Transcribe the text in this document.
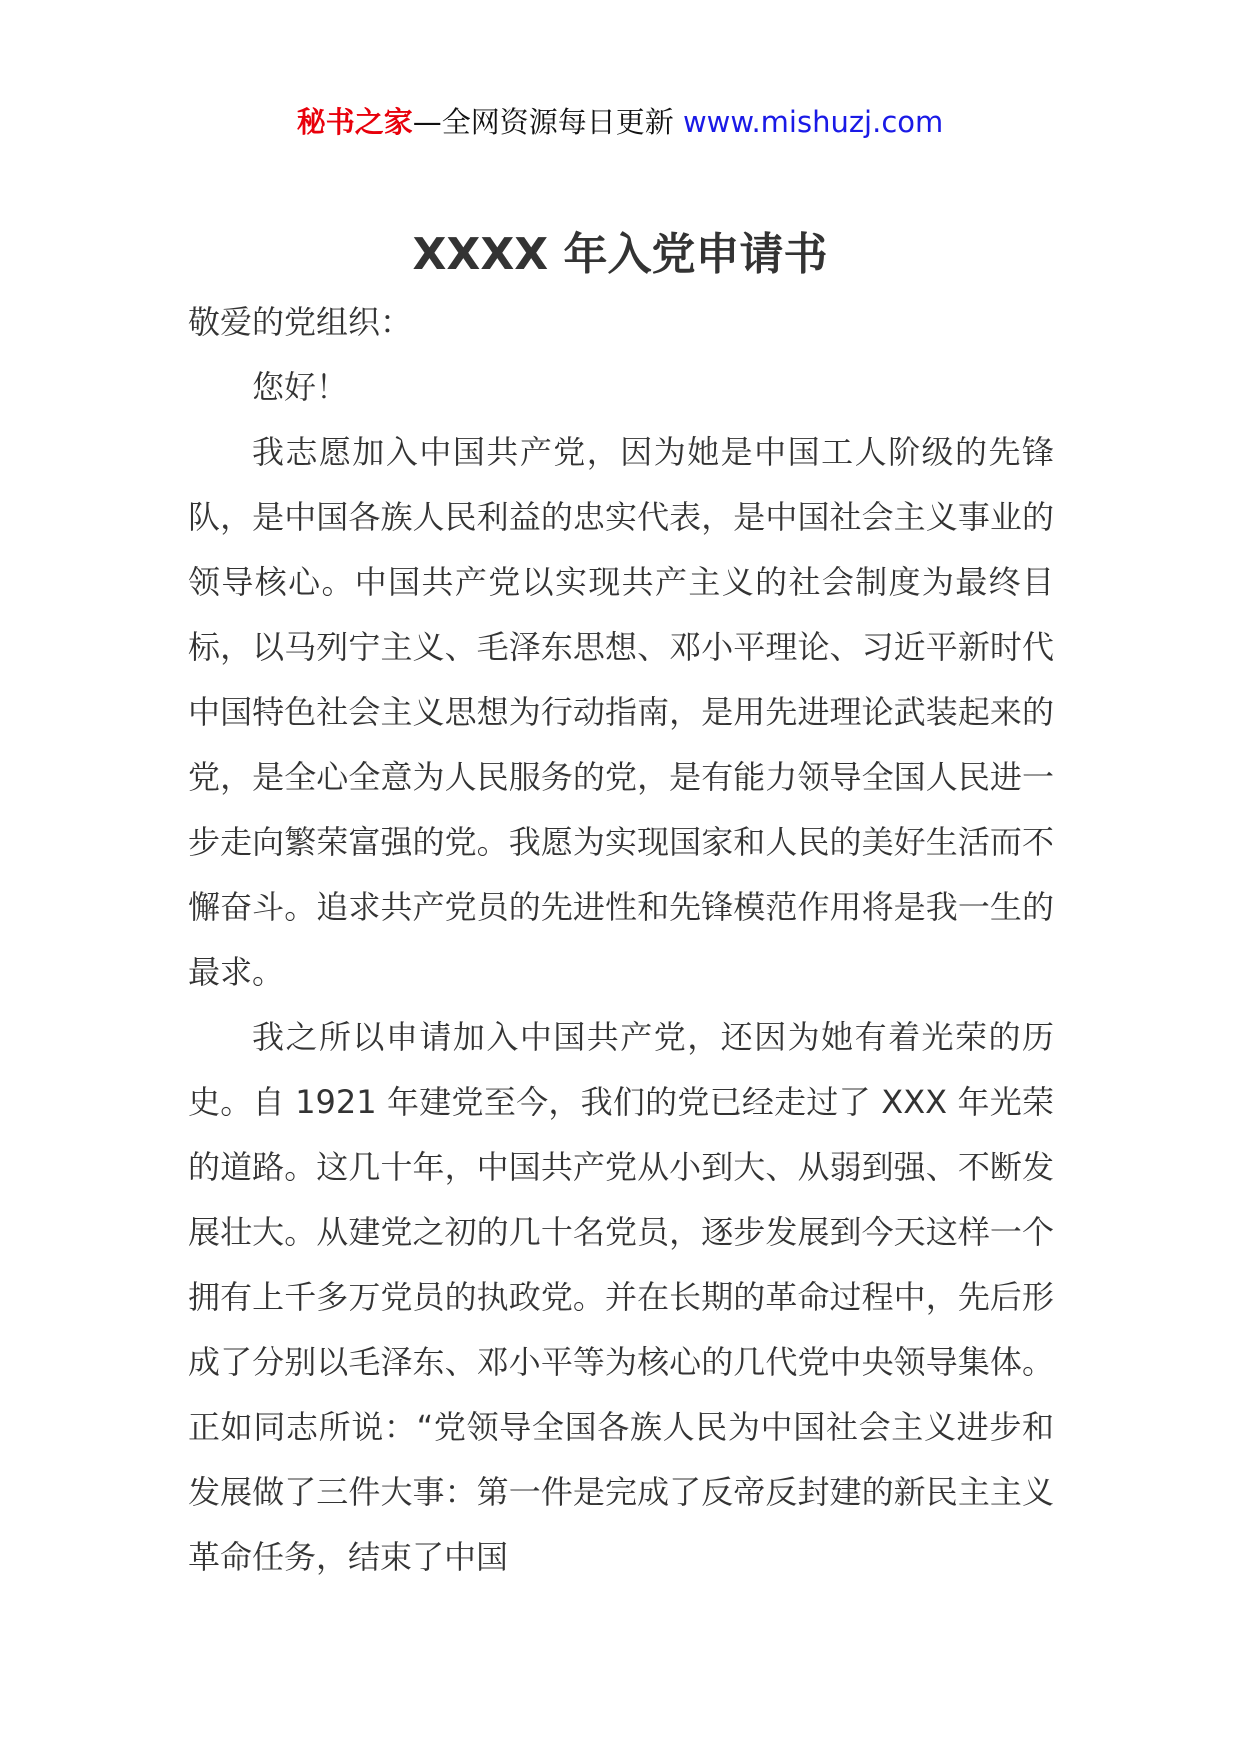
秘书之家—全网资源每日更新 www.mishuzj.com
XXXX 年入党申请书

敬爱的党组织：

您好！

我志愿加入中国共产党，因为她是中国工人阶级的先锋队，是中国各族人民利益的忠实代表，是中国社会主义事业的领导核心。中国共产党以实现共产主义的社会制度为最终目标，以马列宁主义、毛泽东思想、邓小平理论、习近平新时代中国特色社会主义思想为行动指南，是用先进理论武装起来的党，是全心全意为人民服务的党，是有能力领导全国人民进一步走向繁荣富强的党。我愿为实现国家和人民的美好生活而不懈奋斗。追求共产党员的先进性和先锋模范作用将是我一生的最求。

我之所以申请加入中国共产党，还因为她有着光荣的历史。自 1921 年建党至今，我们的党已经走过了 XXX 年光荣的道路。这几十年，中国共产党从小到大、从弱到强、不断发展壮大。从建党之初的几十名党员，逐步发展到今天这样一个拥有上千多万党员的执政党。并在长期的革命过程中，先后形成了分别以毛泽东、邓小平等为核心的几代党中央领导集体。正如同志所说：“党领导全国各族人民为中国社会主义进步和发展做了三件大事：第一件是完成了反帝反封建的新民主主义革命任务，结束了中国
